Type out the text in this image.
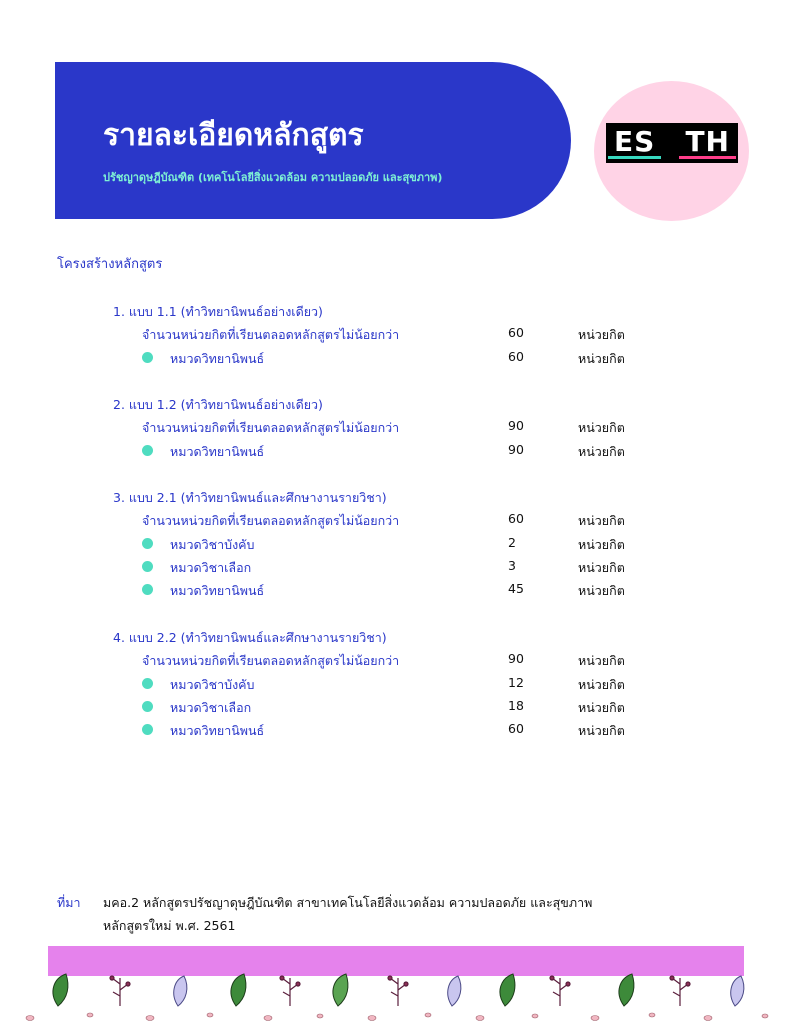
รายละเอียดหลักสูตร
ปรัชญาดุษฎีบัณฑิต (เทคโนโลยีสิ่งแวดล้อม ความปลอดภัย และสุขภาพ)
ES TH
โครงสร้างหลักสูตร
1. แบบ 1.1 (ทำวิทยานิพนธ์อย่างเดียว)
จำนวนหน่วยกิตที่เรียนตลอดหลักสูตรไม่น้อยกว่า	60	หน่วยกิต
หมวดวิทยานิพนธ์	60	หน่วยกิต
2. แบบ 1.2 (ทำวิทยานิพนธ์อย่างเดียว)
จำนวนหน่วยกิตที่เรียนตลอดหลักสูตรไม่น้อยกว่า	90	หน่วยกิต
หมวดวิทยานิพนธ์	90	หน่วยกิต
3. แบบ 2.1 (ทำวิทยานิพนธ์และศึกษางานรายวิชา)
จำนวนหน่วยกิตที่เรียนตลอดหลักสูตรไม่น้อยกว่า	60	หน่วยกิต
หมวดวิชาบังคับ	2	หน่วยกิต
หมวดวิชาเลือก	3	หน่วยกิต
หมวดวิทยานิพนธ์	45	หน่วยกิต
4. แบบ 2.2 (ทำวิทยานิพนธ์และศึกษางานรายวิชา)
จำนวนหน่วยกิตที่เรียนตลอดหลักสูตรไม่น้อยกว่า	90	หน่วยกิต
หมวดวิชาบังคับ	12	หน่วยกิต
หมวดวิชาเลือก	18	หน่วยกิต
หมวดวิทยานิพนธ์	60	หน่วยกิต
ที่มา มคอ.2 หลักสูตรปรัชญาดุษฎีบัณฑิต สาขาเทคโนโลยีสิ่งแวดล้อม ความปลอดภัย และสุขภาพ
หลักสูตรใหม่ พ.ศ. 2561
